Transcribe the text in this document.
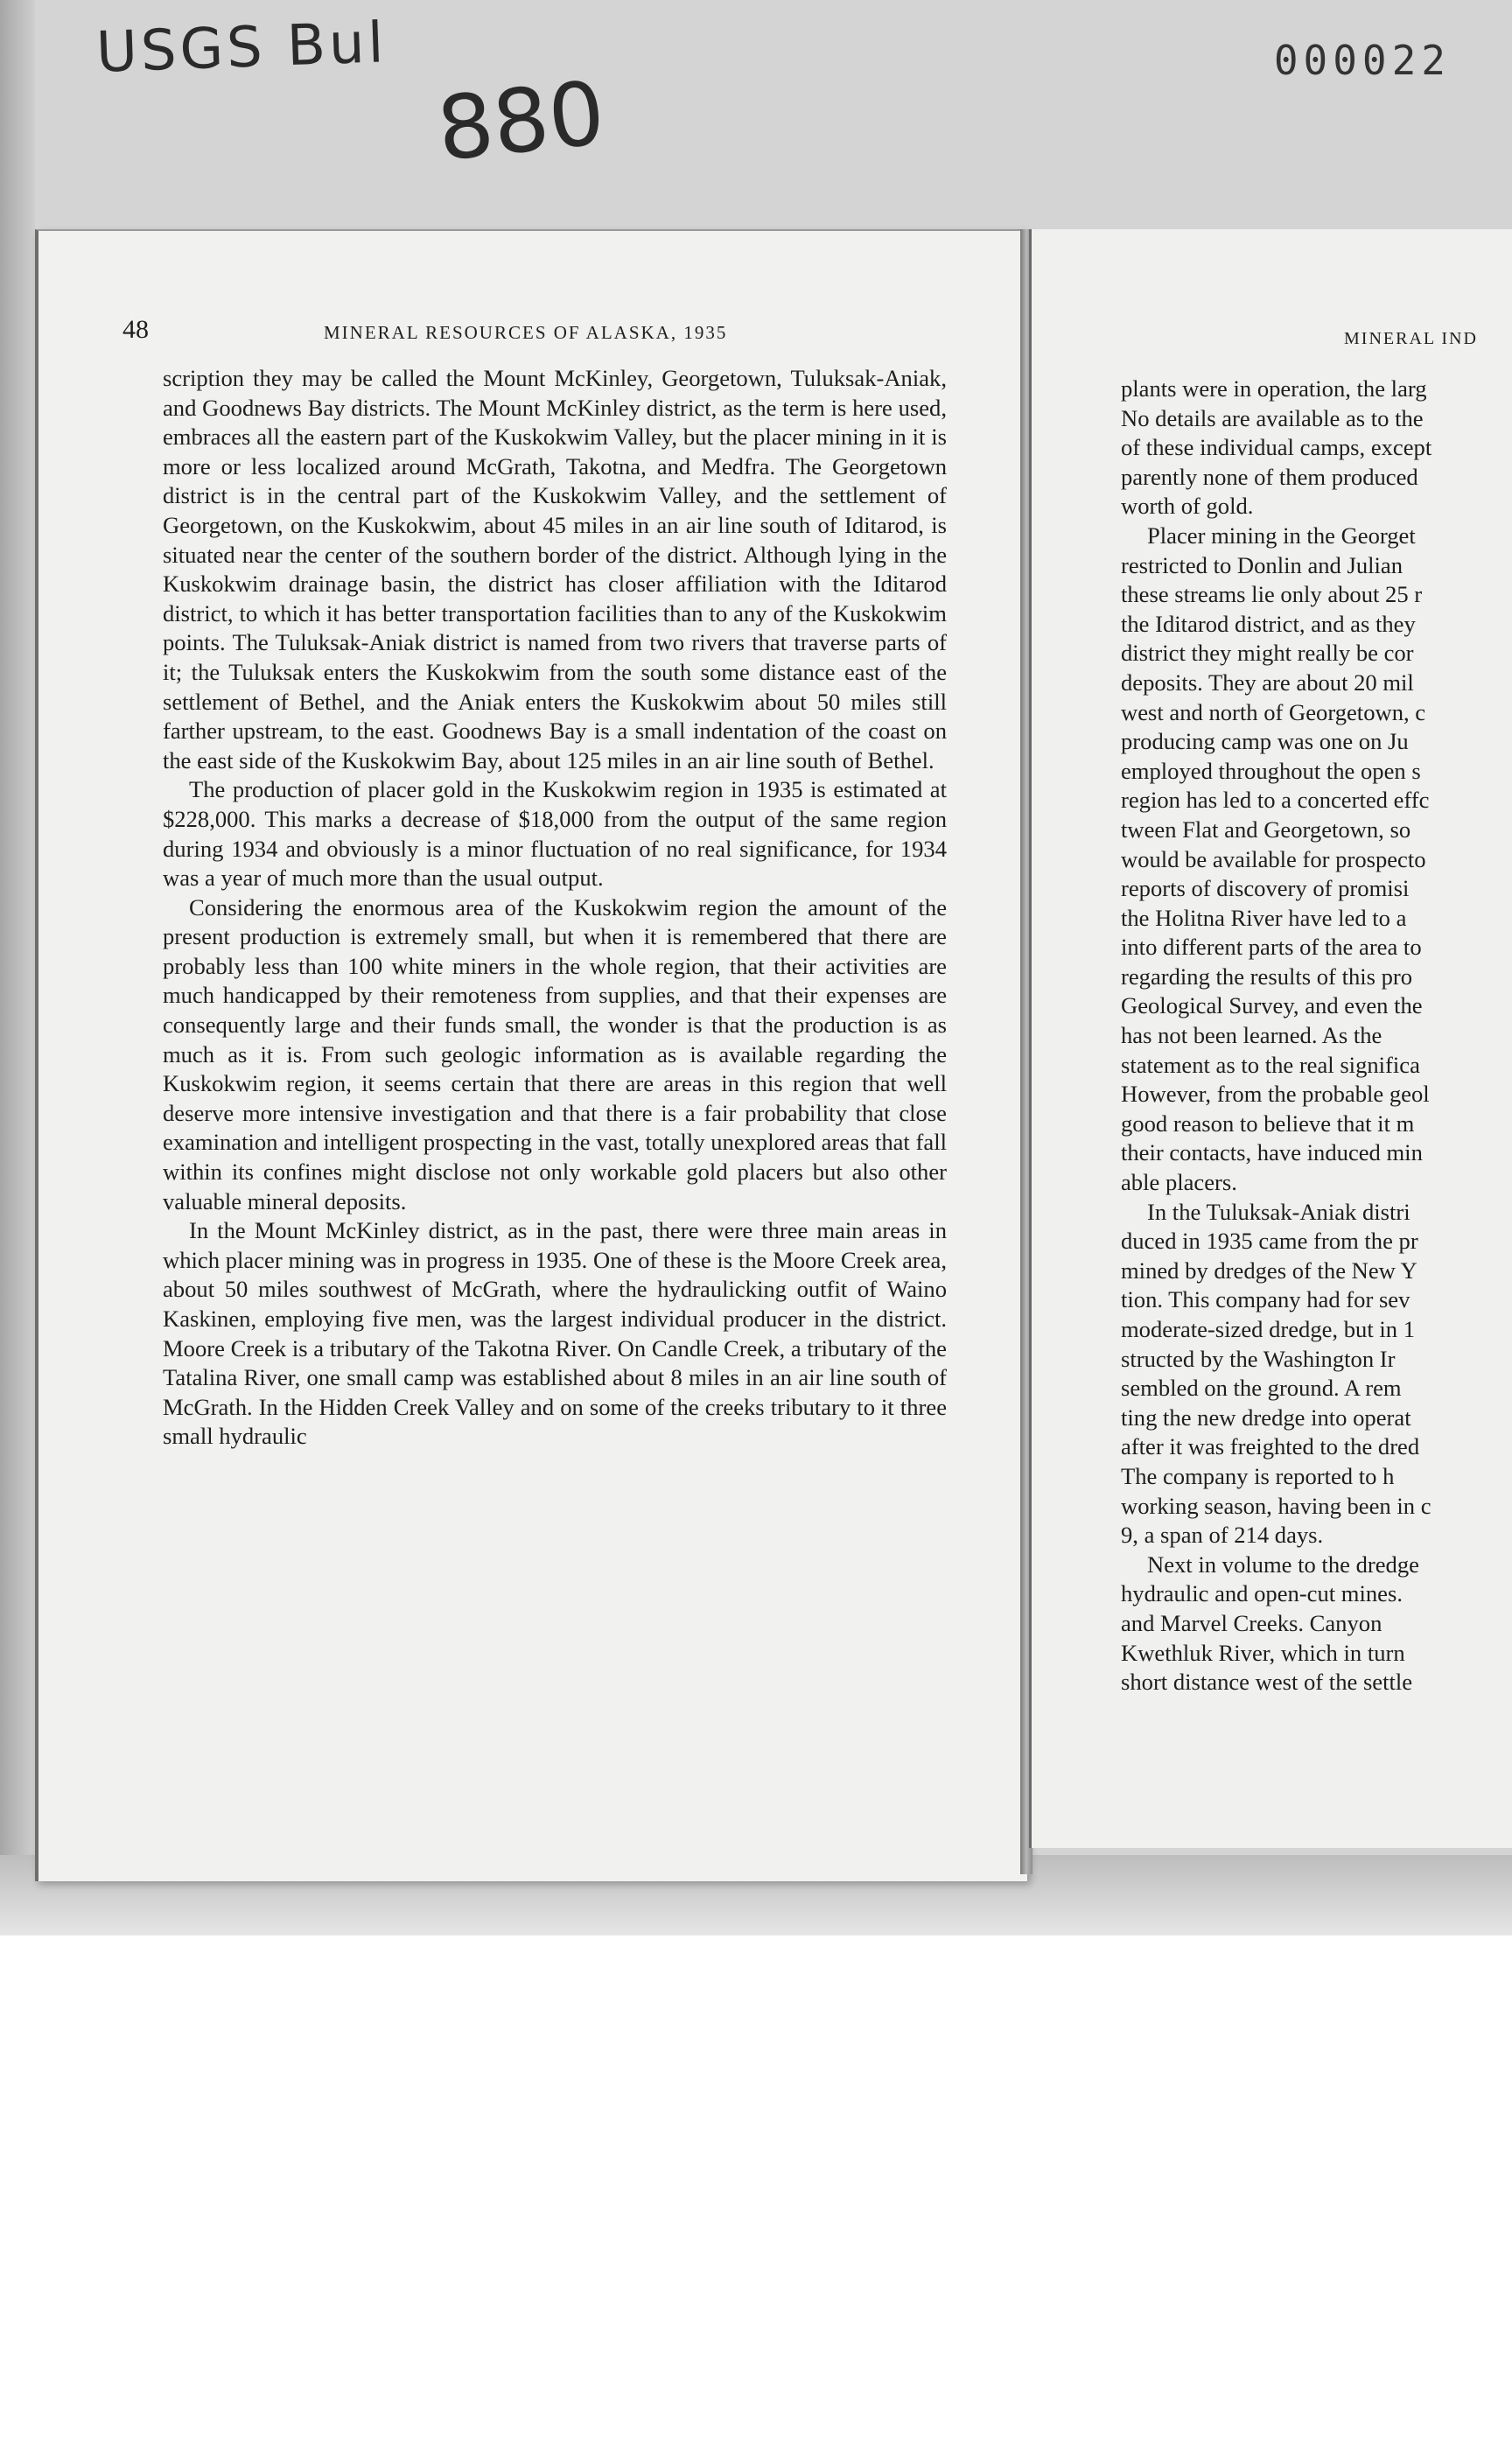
USGS Bul
880
000022
48	MINERAL RESOURCES OF ALASKA, 1935

scription they may be called the Mount McKinley, Georgetown, Tuluksak-Aniak, and Goodnews Bay districts. The Mount McKinley district, as the term is here used, embraces all the eastern part of the Kuskokwim Valley, but the placer mining in it is more or less localized around McGrath, Takotna, and Medfra. The Georgetown district is in the central part of the Kuskokwim Valley, and the settlement of Georgetown, on the Kuskokwim, about 45 miles in an air line south of Iditarod, is situated near the center of the southern border of the district. Although lying in the Kuskokwim drainage basin, the district has closer affiliation with the Iditarod district, to which it has better transportation facilities than to any of the Kuskokwim points. The Tuluksak-Aniak district is named from two rivers that traverse parts of it; the Tuluksak enters the Kuskokwim from the south some distance east of the settlement of Bethel, and the Aniak enters the Kuskokwim about 50 miles still farther upstream, to the east. Goodnews Bay is a small indentation of the coast on the east side of the Kuskokwim Bay, about 125 miles in an air line south of Bethel.

The production of placer gold in the Kuskokwim region in 1935 is estimated at $228,000. This marks a decrease of $18,000 from the output of the same region during 1934 and obviously is a minor fluctuation of no real significance, for 1934 was a year of much more than the usual output.

Considering the enormous area of the Kuskokwim region the amount of the present production is extremely small, but when it is remembered that there are probably less than 100 white miners in the whole region, that their activities are much handicapped by their remoteness from supplies, and that their expenses are consequently large and their funds small, the wonder is that the production is as much as it is. From such geologic information as is available regarding the Kuskokwim region, it seems certain that there are areas in this region that well deserve more intensive investigation and that there is a fair probability that close examination and intelligent prospecting in the vast, totally unexplored areas that fall within its confines might disclose not only workable gold placers but also other valuable mineral deposits.

In the Mount McKinley district, as in the past, there were three main areas in which placer mining was in progress in 1935. One of these is the Moore Creek area, about 50 miles southwest of McGrath, where the hydraulicking outfit of Waino Kaskinen, employing five men, was the largest individual producer in the district. Moore Creek is a tributary of the Takotna River. On Candle Creek, a tributary of the Tatalina River, one small camp was established about 8 miles in an air line south of McGrath. In the Hidden Creek Valley and on some of the creeks tributary to it three small hydraulic

MINERAL IND
plants were in operation, the larg
No details are available as to the
of these individual camps, except
parently none of them produced
worth of gold.
Placer mining in the Georget
restricted to Donlin and Julian
these streams lie only about 25 r
the Iditarod district, and as they
district they might really be cor
deposits. They are about 20 mil
west and north of Georgetown, c
producing camp was one on Ju
employed throughout the open s
region has led to a concerted effc
tween Flat and Georgetown, so
would be available for prospecto
reports of discovery of promisi
the Holitna River have led to a
into different parts of the area to
regarding the results of this pro
Geological Survey, and even the
has not been learned. As the
statement as to the real significa
However, from the probable geol
good reason to believe that it m
their contacts, have induced min
able placers.
In the Tuluksak-Aniak distri
duced in 1935 came from the pr
mined by dredges of the New Y
tion. This company had for sev
moderate-sized dredge, but in 1
structed by the Washington Ir
sembled on the ground. A rem
ting the new dredge into operat
after it was freighted to the dred
The company is reported to h
working season, having been in c
9, a span of 214 days.
Next in volume to the dredge
hydraulic and open-cut mines.
and Marvel Creeks. Canyon
Kwethluk River, which in turn
short distance west of the settle
